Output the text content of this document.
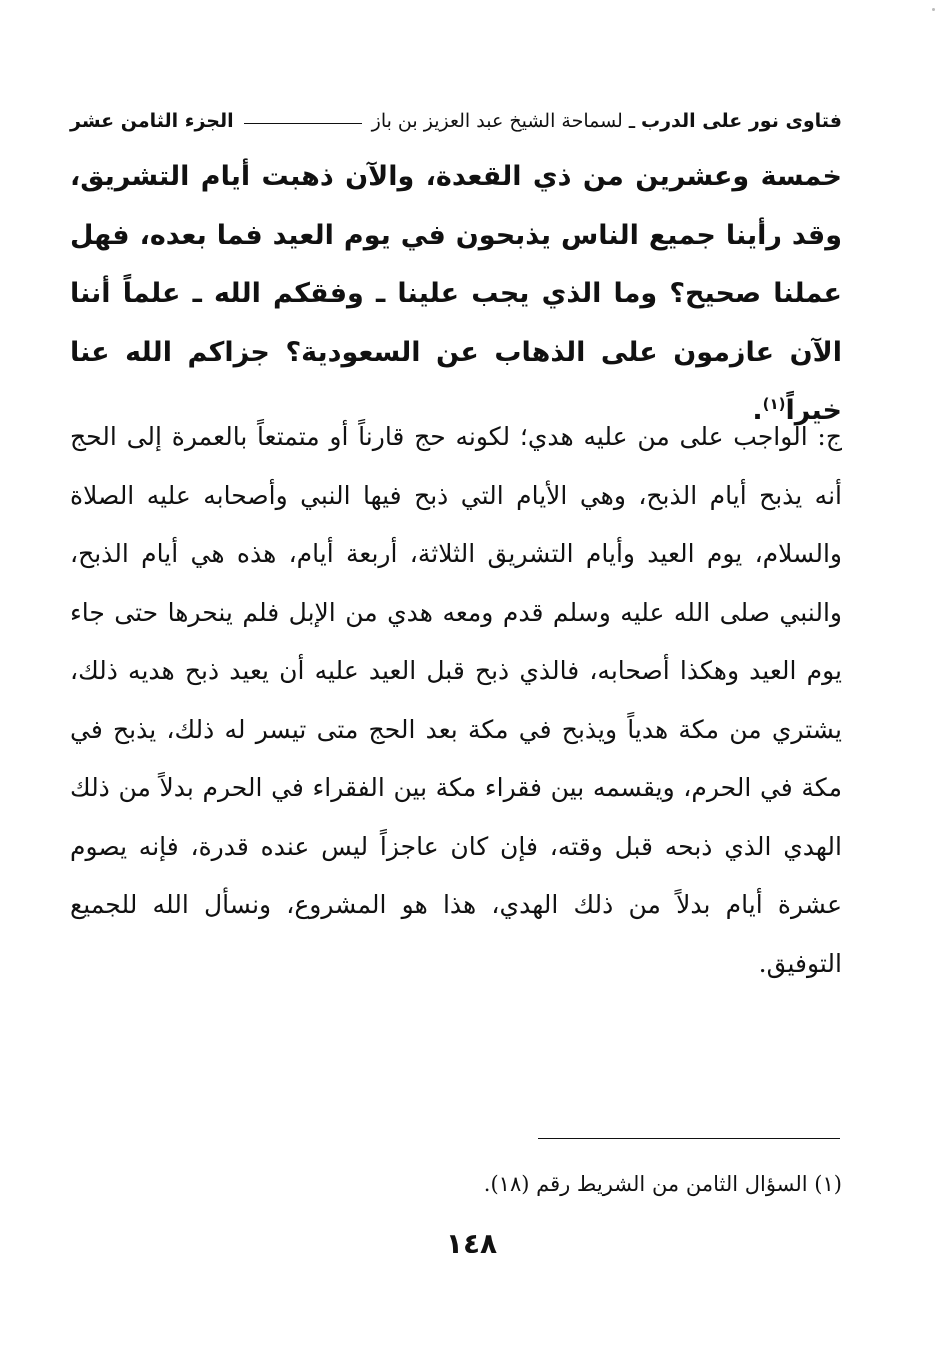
فتاوى نور على الدرب
ـ
لسماحة الشيخ عبد العزيز بن باز
الجزء الثامن عشر

خمسة وعشرين من ذي القعدة، والآن ذهبت أيام التشريق، وقد رأينا جميع الناس يذبحون في يوم العيد فما بعده، فهل عملنا صحيح؟ وما الذي يجب علينا ـ وفقكم الله ـ علماً أننا الآن عازمون على الذهاب عن السعودية؟ جزاكم الله عنا خيراً$^{(١)}$.

ج: الواجب على من عليه هدي؛ لكونه حج قارناً أو متمتعاً بالعمرة إلى الحج أنه يذبح أيام الذبح، وهي الأيام التي ذبح فيها النبي وأصحابه عليه الصلاة والسلام، يوم العيد وأيام التشريق الثلاثة، أربعة أيام، هذه هي أيام الذبح، والنبي صلى الله عليه وسلم قدم ومعه هدي من الإبل فلم ينحرها حتى جاء يوم العيد وهكذا أصحابه، فالذي ذبح قبل العيد عليه أن يعيد ذبح هديه ذلك، يشتري من مكة هدياً ويذبح في مكة بعد الحج متى تيسر له ذلك، يذبح في مكة في الحرم، ويقسمه بين فقراء مكة بين الفقراء في الحرم بدلاً من ذلك الهدي الذي ذبحه قبل وقته، فإن كان عاجزاً ليس عنده قدرة، فإنه يصوم عشرة أيام بدلاً من ذلك الهدي، هذا هو المشروع، ونسأل الله للجميع التوفيق.

(١) السؤال الثامن من الشريط رقم (١٨).
١٤٨
